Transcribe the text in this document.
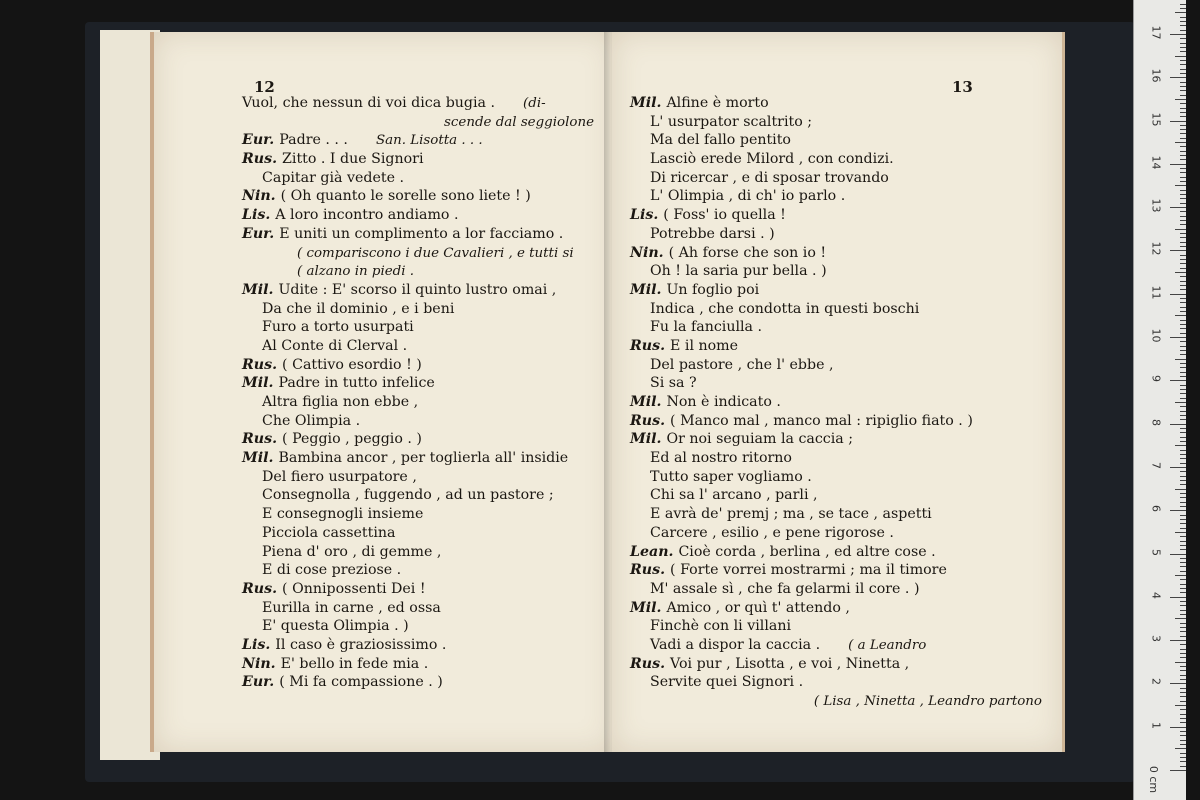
12

Vuol, che nessun di voi dica bugia . (di-
scende dal seggiolone
Eur. Padre . . . San. Lisotta . . .
Rus. Zitto . I due Signori
Capitar già vedete .
Nin. ( Oh quanto le sorelle sono liete ! )
Lis. A loro incontro andiamo .
Eur. E uniti un complimento a lor facciamo .
( compariscono i due Cavalieri , e tutti si
( alzano in piedi .
Mil. Udite : E' scorso il quinto lustro omai ,
Da che il dominio , e i beni
Furo a torto usurpati
Al Conte di Clerval .
Rus. ( Cattivo esordio ! )
Mil. Padre in tutto infelice
Altra figlia non ebbe ,
Che Olimpia .
Rus. ( Peggio , peggio . )
Mil. Bambina ancor , per toglierla all' insidie
Del fiero usurpatore ,
Consegnolla , fuggendo , ad un pastore ;
E consegnogli insieme
Picciola cassettina
Piena d' oro , di gemme ,
E di cose preziose .
Rus. ( Onnipossenti Dei !
Eurilla in carne , ed ossa
E' questa Olimpia . )
Lis. Il caso è graziosissimo .
Nin. E' bello in fede mia .
Eur. ( Mi fa compassione . )

13

Mil. Alfine è morto
L' usurpator scaltrito ;
Ma del fallo pentito
Lasciò erede Milord , con condizi.
Di ricercar , e di sposar trovando
L' Olimpia , di ch' io parlo .
Lis. ( Foss' io quella !
Potrebbe darsi . )
Nin. ( Ah forse che son io !
Oh ! la saria pur bella . )
Mil. Un foglio poi
Indica , che condotta in questi boschi
Fu la fanciulla .
Rus. E il nome
Del pastore , che l' ebbe ,
Si sa ?
Mil. Non è indicato .
Rus. ( Manco mal , manco mal : ripiglio fiato . )
Mil. Or noi seguiam la caccia ;
Ed al nostro ritorno
Tutto saper vogliamo .
Chi sa l' arcano , parli ,
E avrà de' premj ; ma , se tace , aspetti
Carcere , esilio , e pene rigorose .
Lean. Cioè corda , berlina , ed altre cose .
Rus. ( Forte vorrei mostrarmi ; ma il timore
M' assale sì , che fa gelarmi il core . )
Mil. Amico , or quì t' attendo ,
Finchè con li villani
Vadi a dispor la caccia . ( a Leandro
Rus. Voi pur , Lisotta , e voi , Ninetta ,
Servite quei Signori .
( Lisa , Ninetta , Leandro partono
0 cm
1
2
3
4
5
6
7
8
9
10
11
12
13
14
15
16
17
